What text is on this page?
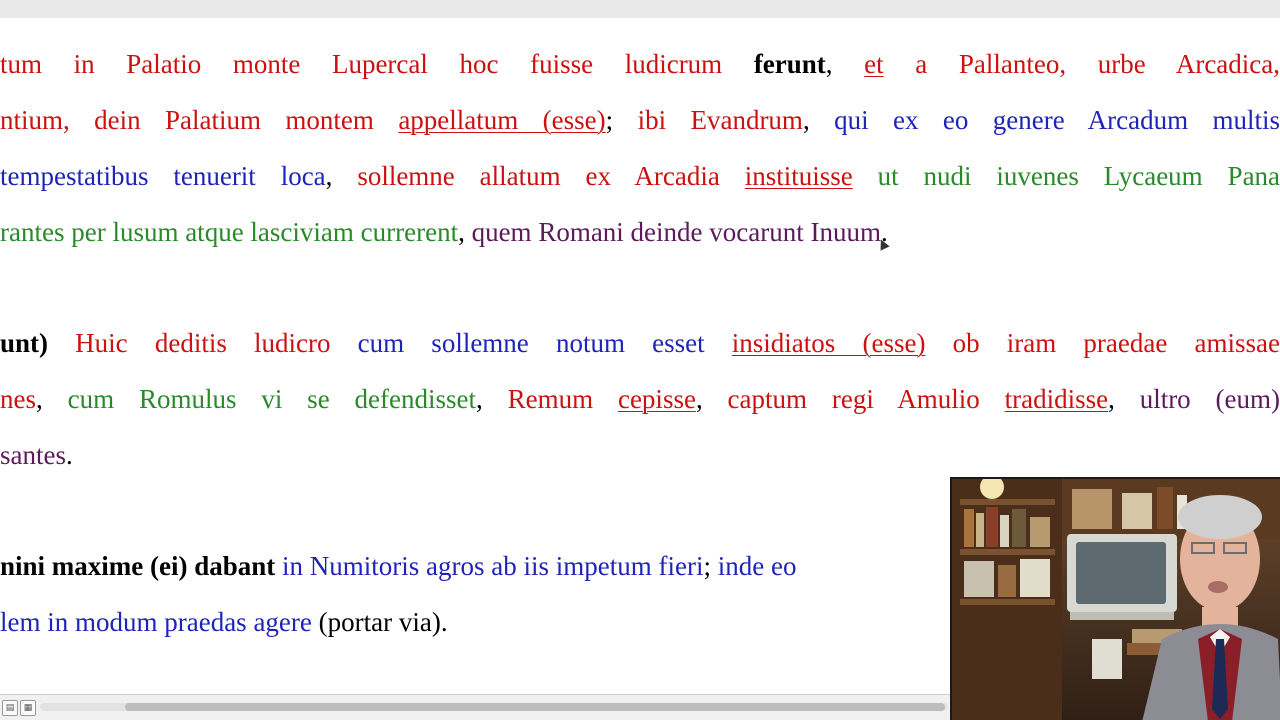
tum in Palatio monte Lupercal hoc fuisse ludicrum ferunt, et a Pallanteo, urbe Arcadica,
ntium, dein Palatium montem appellatum (esse); ibi Evandrum, qui ex eo genere Arcadum multis
tempestatibus tenuerit loca, sollemne allatum ex Arcadia instituisse ut nudi iuvenes Lycaeum Pana
rantes per lusum atque lasciviam currerent, quem Romani deinde vocarunt Inuum.
unt) Huic deditis ludicro cum sollemne notum esset insidiatos (esse) ob iram praedae amissae
nes, cum Romulus vi se defendisset, Remum cepisse, captum regi Amulio tradidisse, ultro (eum)
santes.
nini maxime (ei) dabant in Numitoris agros ab iis impetum fieri; inde eo
lem in modum praedas agere (portar via).
▤	▦
